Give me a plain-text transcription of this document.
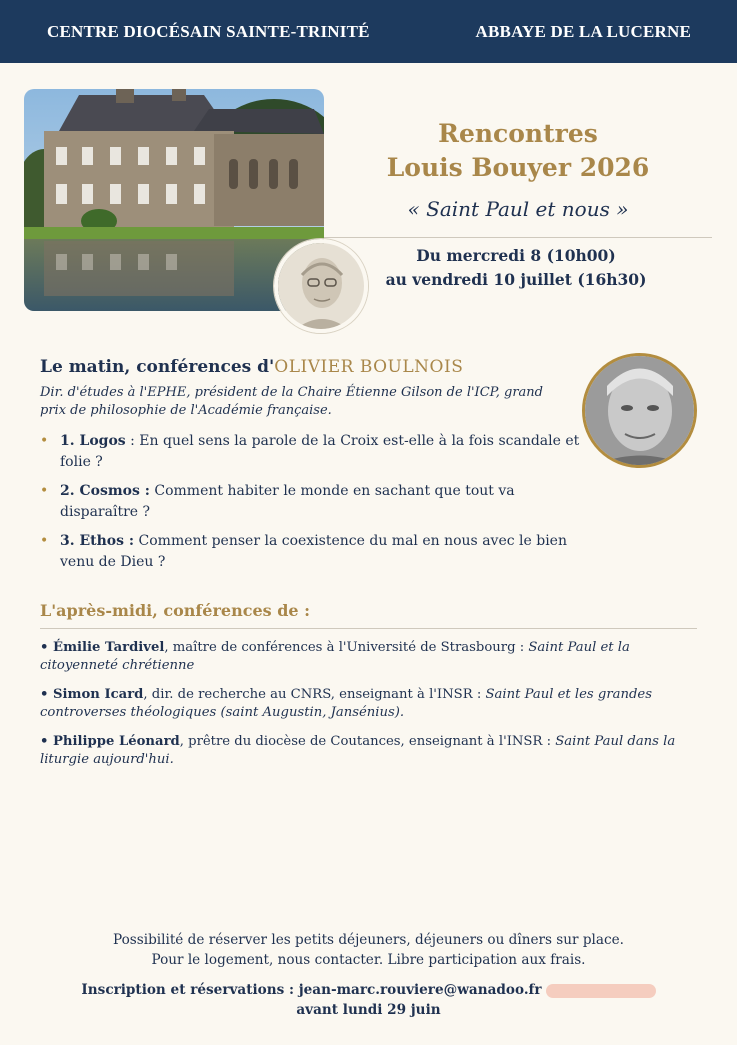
CENTRE DIOCÉSAIN SAINTE-TRINITÉ	ABBAYE DE LA LUCERNE
Rencontres
Louis Bouyer 2026
« Saint Paul et nous »
Du mercredi 8 (10h00)
au vendredi 10 juillet (16h30)
Le matin, conférences d'OLIVIER BOULNOIS
Dir. d'études à l'EPHE, président de la Chaire Étienne Gilson de l'ICP, grand prix de philosophie de l'Académie française.
• 1. Logos : En quel sens la parole de la Croix est-elle à la fois scandale et folie ?
• 2. Cosmos : Comment habiter le monde en sachant que tout va disparaître ?
• 3. Ethos : Comment penser la coexistence du mal en nous avec le bien venu de Dieu ?
L'après-midi, conférences de :

• Émilie Tardivel, maître de conférences à l'Université de Strasbourg : Saint Paul et la citoyenneté chrétienne

• Simon Icard, dir. de recherche au CNRS, enseignant à l'INSR : Saint Paul et les grandes controverses théologiques (saint Augustin, Jansénius).

• Philippe Léonard, prêtre du diocèse de Coutances, enseignant à l'INSR : Saint Paul dans la liturgie aujourd'hui.

Possibilité de réserver les petits déjeuners, déjeuners ou dîners sur place.
Pour le logement, nous contacter. Libre participation aux frais.
Inscription et réservations : jean-marc.rouviere@wanadoo.fr
avant lundi 29 juin
